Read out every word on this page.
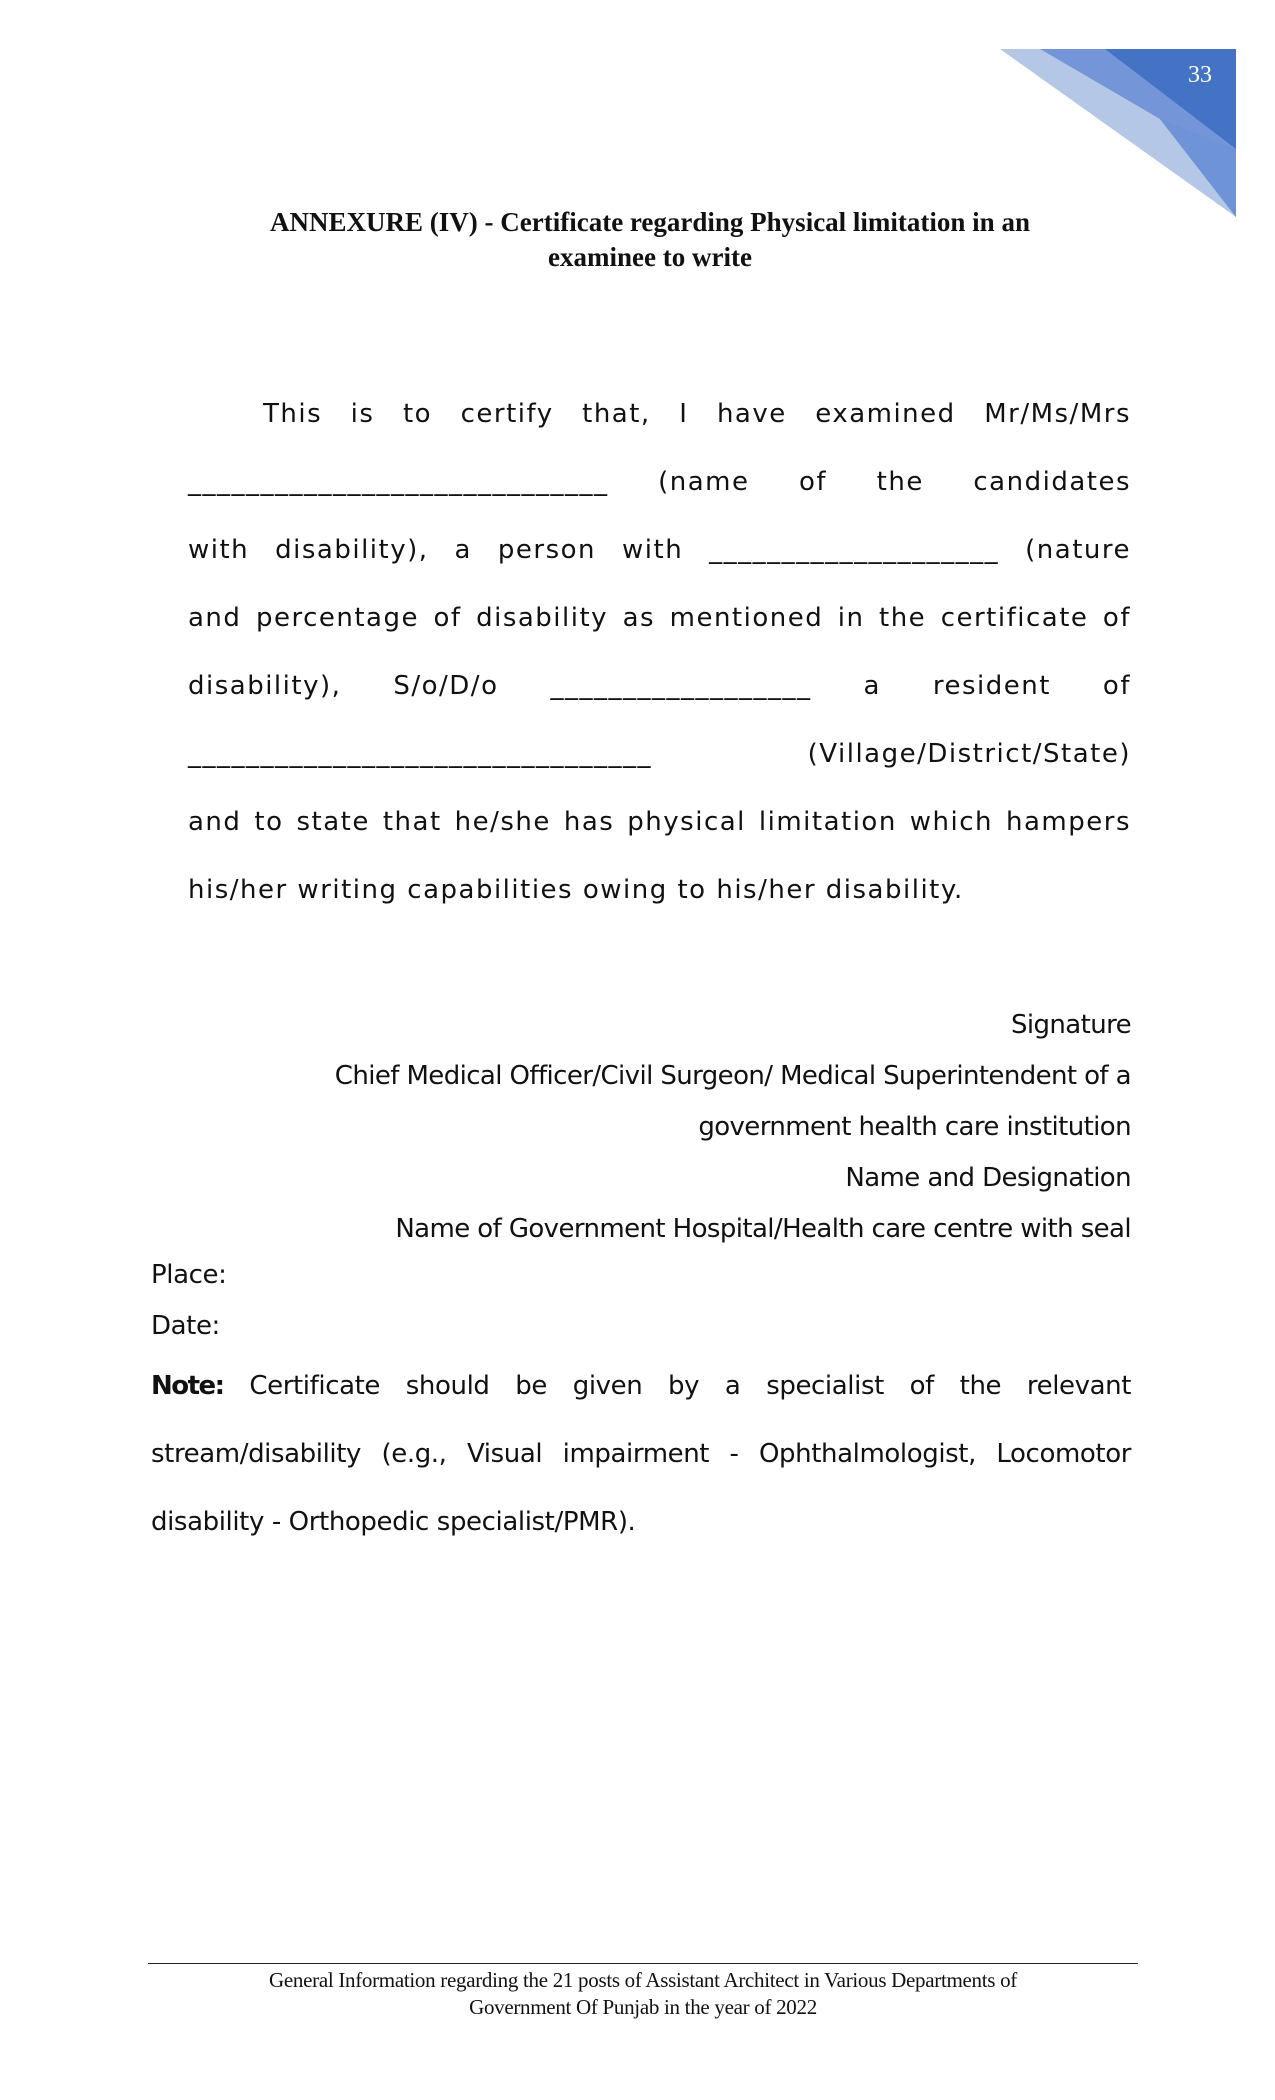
33
ANNEXURE (IV) - Certificate regarding Physical limitation in an
examinee to write
This is to certify that, I have examined Mr/Ms/Mrs
_____________________________ (name of the candidates
with disability), a person with ____________________ (nature
and percentage of disability as mentioned in the certificate of
disability), S/o/D/o __________________ a resident of
________________________________ (Village/District/State)
and to state that he/she has physical limitation which hampers
his/her writing capabilities owing to his/her disability.
Signature
Chief Medical Officer/Civil Surgeon/ Medical Superintendent of a
government health care institution
Name and Designation
Name of Government Hospital/Health care centre with seal
Place:
Date:
Note: Certificate should be given by a specialist of the relevant
stream/disability (e.g., Visual impairment - Ophthalmologist, Locomotor
disability - Orthopedic specialist/PMR).
General Information regarding the 21 posts of Assistant Architect in Various Departments of
Government Of Punjab in the year of 2022
